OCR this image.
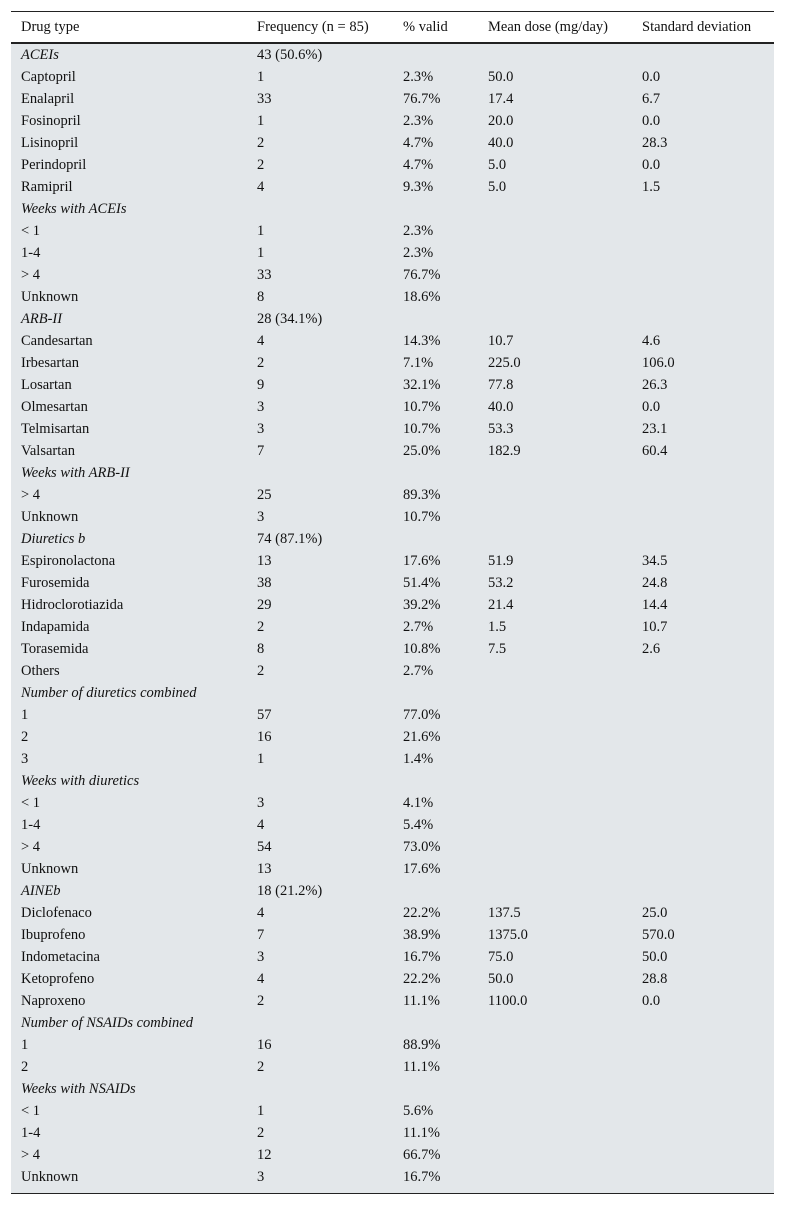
Drug type	Frequency (n = 85)	% valid	Mean dose (mg/day)	Standard deviation
ACEIs	43 (50.6%)			
Captopril	1	2.3%	50.0	0.0
Enalapril	33	76.7%	17.4	6.7
Fosinopril	1	2.3%	20.0	0.0
Lisinopril	2	4.7%	40.0	28.3
Perindopril	2	4.7%	5.0	0.0
Ramipril	4	9.3%	5.0	1.5
Weeks with ACEIs				
< 1	1	2.3%		
1-4	1	2.3%		
> 4	33	76.7%		
Unknown	8	18.6%		
ARB-II	28 (34.1%)			
Candesartan	4	14.3%	10.7	4.6
Irbesartan	2	7.1%	225.0	106.0
Losartan	9	32.1%	77.8	26.3
Olmesartan	3	10.7%	40.0	0.0
Telmisartan	3	10.7%	53.3	23.1
Valsartan	7	25.0%	182.9	60.4
Weeks with ARB-II				
> 4	25	89.3%		
Unknown	3	10.7%		
Diuretics b	74 (87.1%)			
Espironolactona	13	17.6%	51.9	34.5
Furosemida	38	51.4%	53.2	24.8
Hidroclorotiazida	29	39.2%	21.4	14.4
Indapamida	2	2.7%	1.5	10.7
Torasemida	8	10.8%	7.5	2.6
Others	2	2.7%		
Number of diuretics combined				
1	57	77.0%		
2	16	21.6%		
3	1	1.4%		
Weeks with diuretics				
< 1	3	4.1%		
1-4	4	5.4%		
> 4	54	73.0%		
Unknown	13	17.6%		
AINEb	18 (21.2%)			
Diclofenaco	4	22.2%	137.5	25.0
Ibuprofeno	7	38.9%	1375.0	570.0
Indometacina	3	16.7%	75.0	50.0
Ketoprofeno	4	22.2%	50.0	28.8
Naproxeno	2	11.1%	1100.0	0.0
Number of NSAIDs combined				
1	16	88.9%		
2	2	11.1%		
Weeks with NSAIDs				
< 1	1	5.6%		
1-4	2	11.1%		
> 4	12	66.7%		
Unknown	3	16.7%		
